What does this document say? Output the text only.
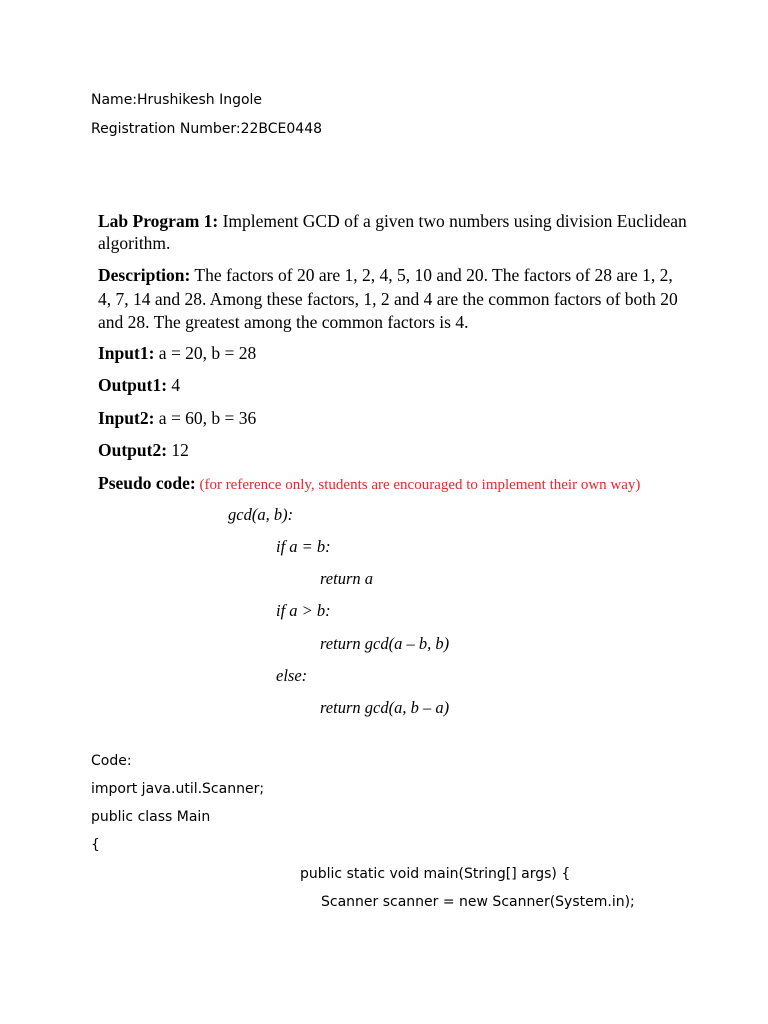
Name:Hrushikesh Ingole
Registration Number:22BCE0448
Lab Program 1: Implement GCD of a given two numbers using division Euclidean
algorithm.
Description: The factors of 20 are 1, 2, 4, 5, 10 and 20. The factors of 28 are 1, 2,
4, 7, 14 and 28. Among these factors, 1, 2 and 4 are the common factors of both 20
and 28. The greatest among the common factors is 4.
Input1: a = 20, b = 28
Output1: 4
Input2: a = 60, b = 36
Output2: 12
Pseudo code: (for reference only, students are encouraged to implement their own way)
gcd(a, b):
if a = b:
return a
if a > b:
return gcd(a – b, b)
else:
return gcd(a, b – a)
Code:
import java.util.Scanner;
public class Main
{
public static void main(String[] args) {
Scanner scanner = new Scanner(System.in);
